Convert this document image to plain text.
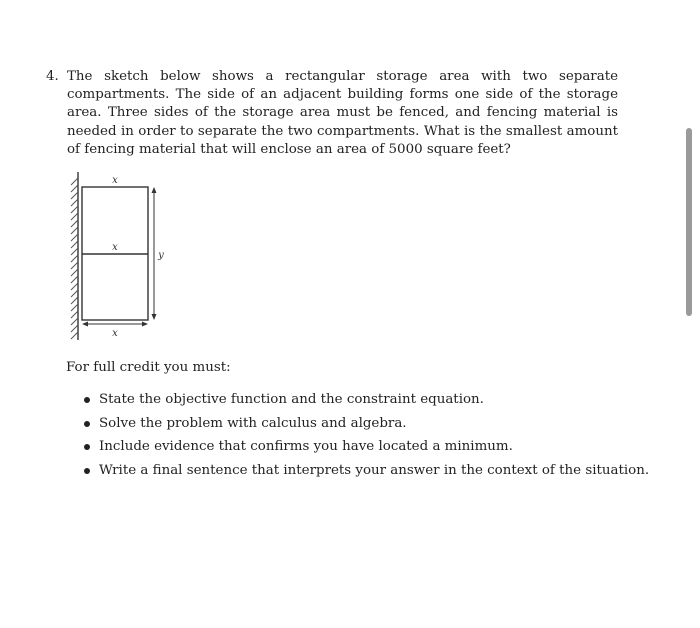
4. The sketch below shows a rectangular storage area with two separate compartments. The side of an adjacent building forms one side of the storage area. Three sides of the storage area must be fenced, and fencing material is needed in order to separate the two compartments. What is the smallest amount of fencing material that will enclose an area of 5000 square feet?
x
x
x
y
For full credit you must:
State the objective function and the constraint equation.
Solve the problem with calculus and algebra.
Include evidence that confirms you have located a minimum.
Write a final sentence that interprets your answer in the context of the situation.
